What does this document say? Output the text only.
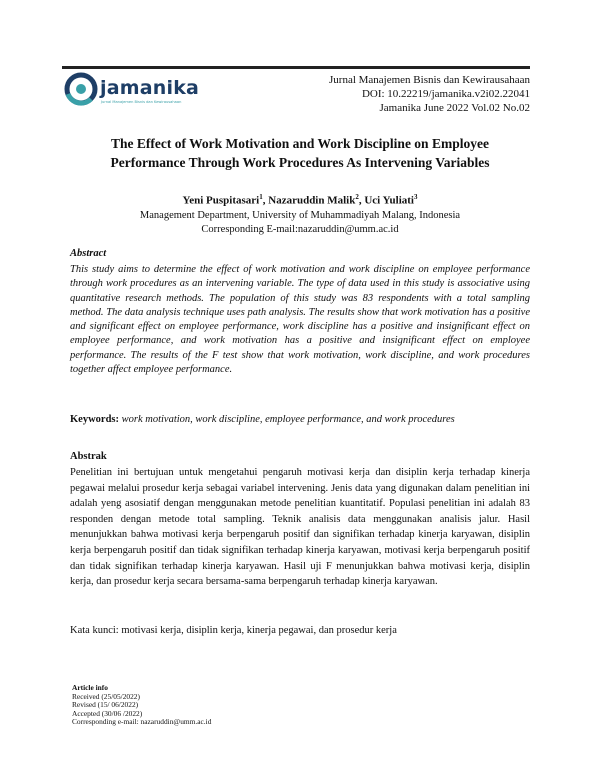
jamanika
Jurnal Manajemen Bisnis dan Kewirausahaan
Jurnal Manajemen Bisnis dan Kewirausahaan
DOI: 10.22219/jamanika.v2i02.22041
Jamanika June 2022 Vol.02 No.02
The Effect of Work Motivation and Work Discipline on Employee
Performance Through Work Procedures As Intervening Variables
Yeni Puspitasari$^1$, Nazaruddin Malik$^2$, Uci Yuliati$^3$
Management Department, University of Muhammadiyah Malang, Indonesia
Corresponding E-mail:nazaruddin@umm.ac.id
Abstract
This study aims to determine the effect of work motivation and work discipline on employee performance through work procedures as an intervening variable. The type of data used in this study is associative using quantitative research methods. The population of this study was 83 respondents with a total sampling method. The data analysis technique uses path analysis. The results show that work motivation has a positive and significant effect on employee performance, work discipline has a positive and insignificant effect on employee performance, and work motivation has a positive and insignificant effect on employee performance. The results of the F test show that work motivation, work discipline, and work procedures together affect employee performance.
Keywords: work motivation, work discipline, employee performance, and work procedures
Abstrak
Penelitian ini bertujuan untuk mengetahui pengaruh motivasi kerja dan disiplin kerja terhadap kinerja pegawai melalui prosedur kerja sebagai variabel intervening. Jenis data yang digunakan dalam penelitian ini adalah yeng asosiatif dengan menggunakan metode penelitian kuantitatif. Populasi penelitian ini adalah 83 responden dengan metode total sampling. Teknik analisis data menggunakan analisis jalur. Hasil menunjukkan bahwa motivasi kerja berpengaruh positif dan signifikan terhadap kinerja karyawan, disiplin kerja berpengaruh positif dan tidak signifikan terhadap kinerja karyawan, motivasi kerja berpengaruh positif dan tidak signifikan terhadap kinerja karyawan. Hasil uji F menunjukkan bahwa motivasi kerja, disiplin kerja, dan prosedur kerja secara bersama-sama berpengaruh terhadap kinerja karyawan.
Kata kunci: motivasi kerja, disiplin kerja, kinerja pegawai, dan prosedur kerja
Article info
Received (25/05/2022)
Revised (15/ 06/2022)
Accepted (30/06 /2022)
Corresponding e-mail: nazaruddin@umm.ac.id
